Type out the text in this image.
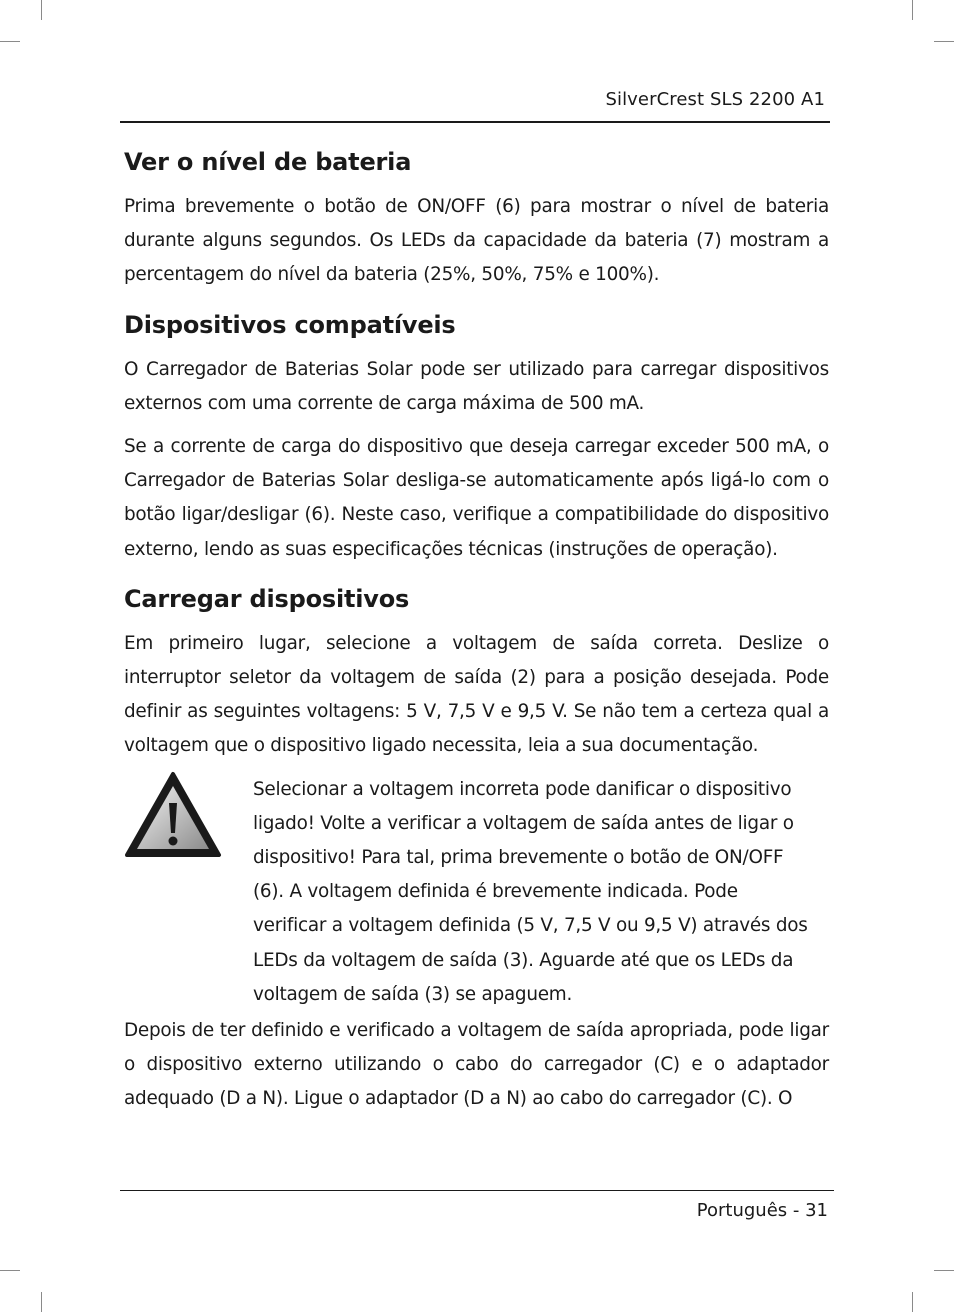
SilverCrest SLS 2200 A1
Ver o nível de bateria

Prima brevemente o botão de ON/OFF (6) para mostrar o nível de bateria durante alguns segundos. Os LEDs da capacidade da bateria (7) mostram a percentagem do nível da bateria (25%, 50%, 75% e 100%).

Dispositivos compatíveis

O Carregador de Baterias Solar pode ser utilizado para carregar dispositivos externos com uma corrente de carga máxima de 500 mA.

Se a corrente de carga do dispositivo que deseja carregar exceder 500 mA, o Carregador de Baterias Solar desliga-se automaticamente após ligá-lo com o botão ligar/desligar (6). Neste caso, verifique a compatibilidade do dispositivo externo, lendo as suas especificações técnicas (instruções de operação).

Carregar dispositivos

Em primeiro lugar, selecione a voltagem de saída correta. Deslize o interruptor seletor da voltagem de saída (2) para a posição desejada. Pode definir as seguintes voltagens: 5 V, 7,5 V e 9,5 V. Se não tem a certeza qual a voltagem que o dispositivo ligado necessita, leia a sua documentação.

Selecionar a voltagem incorreta pode danificar o dispositivo ligado! Volte a verificar a voltagem de saída antes de ligar o dispositivo! Para tal, prima brevemente o botão de ON/OFF (6). A voltagem definida é brevemente indicada. Pode verificar a voltagem definida (5 V, 7,5 V ou 9,5 V) através dos LEDs da voltagem de saída (3). Aguarde até que os LEDs da voltagem de saída (3) se apaguem.

Depois de ter definido e verificado a voltagem de saída apropriada, pode ligar o dispositivo externo utilizando o cabo do carregador (C) e o adaptador adequado (D a N). Ligue o adaptador (D a N) ao cabo do carregador (C). O

Português - 31
